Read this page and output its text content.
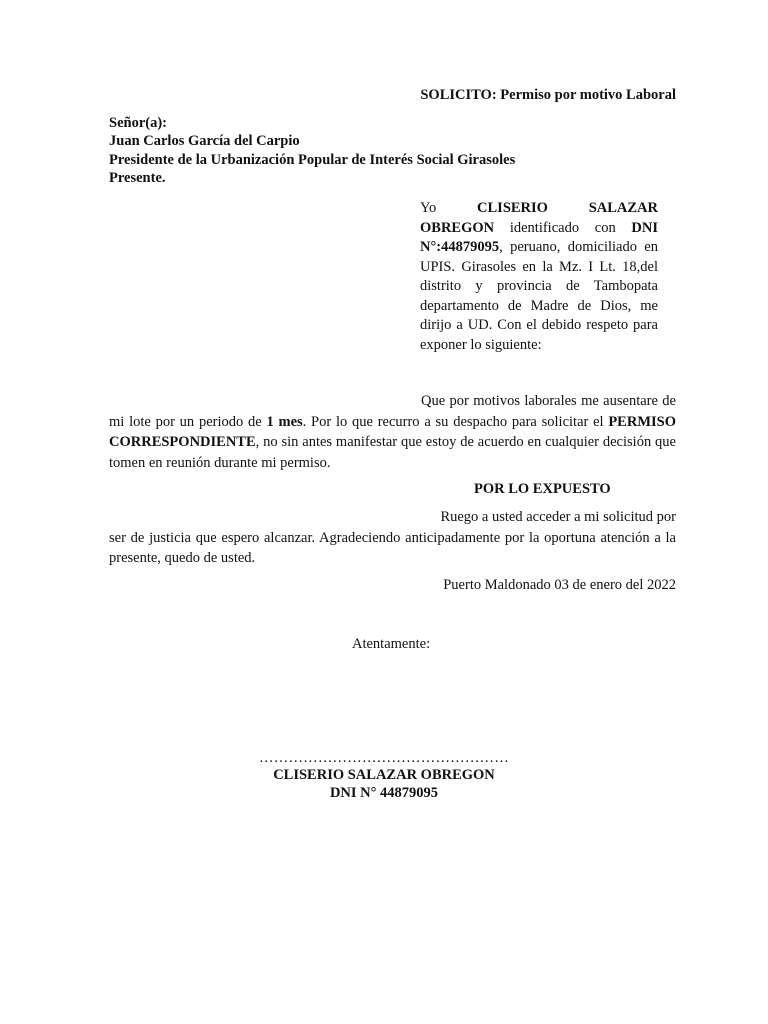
SOLICITO: Permiso por motivo Laboral
Señor(a):
Juan Carlos García del Carpio
Presidente de la Urbanización Popular de Interés Social Girasoles
Presente.
Yo CLISERIO SALAZAR OBREGON identificado con DNI N°:44879095, peruano, domiciliado en UPIS. Girasoles en la Mz. I Lt. 18,del distrito y provincia de Tambopata departamento de Madre de Dios, me dirijo a UD. Con el debido respeto para exponer lo siguiente:
Que por motivos laborales me ausentare de mi lote por un periodo de 1 mes. Por lo que recurro a su despacho para solicitar el PERMISO CORRESPONDIENTE, no sin antes manifestar que estoy de acuerdo en cualquier decisión que tomen en reunión durante mi permiso.
POR LO EXPUESTO
Ruego a usted acceder a mi solicitud por
ser de justicia que espero alcanzar. Agradeciendo anticipadamente por la oportuna atención a la presente, quedo de usted.
Puerto Maldonado 03 de enero del 2022
Atentamente:
……………………………………………
CLISERIO SALAZAR OBREGON
DNI N° 44879095
